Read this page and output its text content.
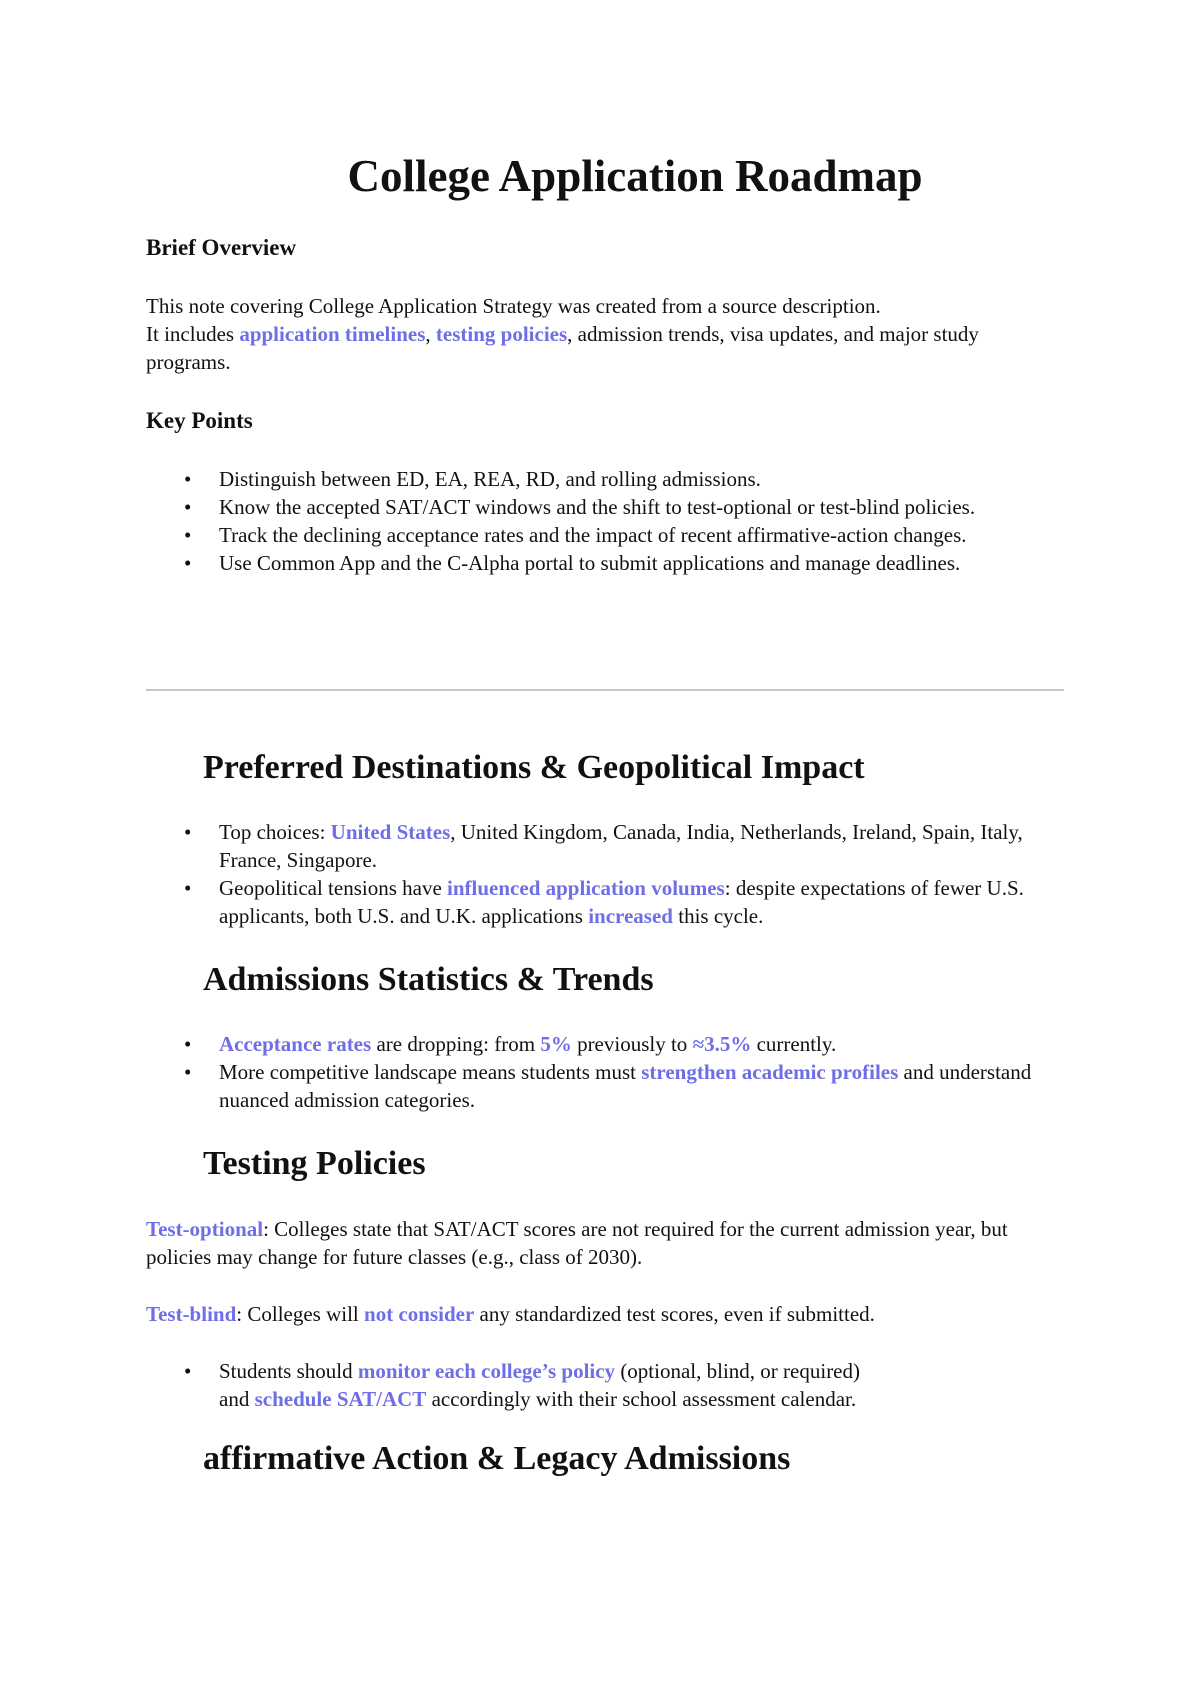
College Application Roadmap
Brief Overview

This note covering College Application Strategy was created from a source description.
It includes application timelines, testing policies, admission trends, visa updates, and major study programs.

Key Points
• Distinguish between ED, EA, REA, RD, and rolling admissions.
• Know the accepted SAT/ACT windows and the shift to test-optional or test-blind policies.
• Track the declining acceptance rates and the impact of recent affirmative-action changes.
• Use Common App and the C-Alpha portal to submit applications and manage deadlines.
Preferred Destinations & Geopolitical Impact
• Top choices: United States, United Kingdom, Canada, India, Netherlands, Ireland, Spain, Italy, France, Singapore.
• Geopolitical tensions have influenced application volumes: despite expectations of fewer U.S. applicants, both U.S. and U.K. applications increased this cycle.
Admissions Statistics & Trends
• Acceptance rates are dropping: from 5% previously to ≈3.5% currently.
• More competitive landscape means students must strengthen academic profiles and understand nuanced admission categories.
Testing Policies

Test-optional: Colleges state that SAT/ACT scores are not required for the current admission year, but policies may change for future classes (e.g., class of 2030).

Test-blind: Colleges will not consider any standardized test scores, even if submitted.

• Students should monitor each college’s policy (optional, blind, or required)
and schedule SAT/ACT accordingly with their school assessment calendar.
affirmative Action & Legacy Admissions
